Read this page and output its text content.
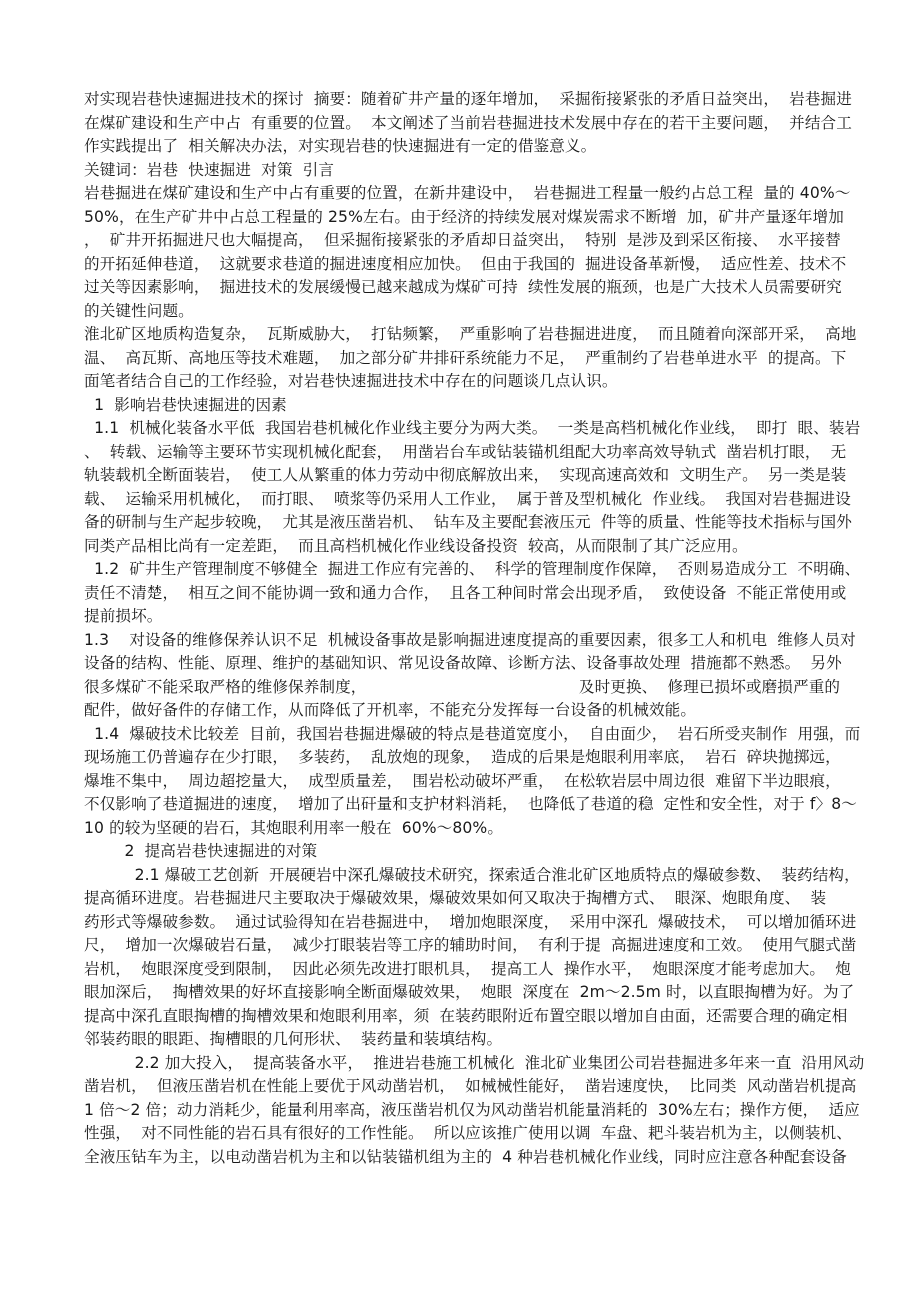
对实现岩巷快速掘进技术的探讨  摘要：随着矿井产量的逐年增加，  采掘衔接紧张的矛盾日益突出，  岩巷掘进
在煤矿建设和生产中占  有重要的位置。  本文阐述了当前岩巷掘进技术发展中存在的若干主要问题，  并结合工
作实践提出了  相关解决办法，对实现岩巷的快速掘进有一定的借鉴意义。
关键词：岩巷  快速掘进  对策  引言
岩巷掘进在煤矿建设和生产中占有重要的位置，在新井建设中，  岩巷掘进工程量一般约占总工程  量的 40%～
50%，在生产矿井中占总工程量的 25%左右。由于经济的持续发展对煤炭需求不断增  加，矿井产量逐年增加
，  矿井开拓掘进尺也大幅提高，  但采掘衔接紧张的矛盾却日益突出，  特别  是涉及到采区衔接、  水平接替
的开拓延伸巷道，  这就要求巷道的掘进速度相应加快。  但由于我国的  掘进设备革新慢，  适应性差、技术不
过关等因素影响，  掘进技术的发展缓慢已越来越成为煤矿可持  续性发展的瓶颈，也是广大技术人员需要研究
的关键性问题。
淮北矿区地质构造复杂，  瓦斯威胁大，  打钻频繁，  严重影响了岩巷掘进进度，  而且随着向深部开采，  高地
温、  高瓦斯、高地压等技术难题，  加之部分矿井排矸系统能力不足，  严重制约了岩巷单进水平  的提高。下
面笔者结合自己的工作经验，对岩巷快速掘进技术中存在的问题谈几点认识。
1  影响岩巷快速掘进的因素
1.1  机械化装备水平低  我国岩巷机械化作业线主要分为两大类。  一类是高档机械化作业线，  即打  眼、装岩
、  转载、运输等主要环节实现机械化配套，  用凿岩台车或钻装锚机组配大功率高效导轨式  凿岩机打眼，  无
轨装载机全断面装岩，  使工人从繁重的体力劳动中彻底解放出来，  实现高速高效和  文明生产。  另一类是装
载、  运输采用机械化，  而打眼、  喷浆等仍采用人工作业，  属于普及型机械化  作业线。  我国对岩巷掘进设
备的研制与生产起步较晚，  尤其是液压凿岩机、  钻车及主要配套液压元  件等的质量、性能等技术指标与国外
同类产品相比尚有一定差距，  而且高档机械化作业线设备投资  较高，从而限制了其广泛应用。
1.2  矿井生产管理制度不够健全  掘进工作应有完善的、  科学的管理制度作保障，  否则易造成分工  不明确、
责任不清楚，  相互之间不能协调一致和通力合作，  且各工种间时常会出现矛盾，  致使设备  不能正常使用或
提前损坏。
1.3    对设备的维修保养认识不足  机械设备事故是影响掘进速度提高的重要因素，很多工人和机电  维修人员对
设备的结构、性能、原理、维护的基础知识、常见设备故障、诊断方法、设备事故处理  措施都不熟悉。  另外
很多煤矿不能采取严格的维修保养制度，                                          及时更换、  修理已损坏或磨损严重的
配件，做好备件的存储工作，从而降低了开机率，不能充分发挥每一台设备的机械效能。
1.4  爆破技术比较差  目前，我国岩巷掘进爆破的特点是巷道宽度小，  自由面少，  岩石所受夹制作  用强，而
现场施工仍普遍存在少打眼，  多装药，  乱放炮的现象，  造成的后果是炮眼利用率底，  岩石  碎块抛掷远，
爆堆不集中，  周边超挖量大，  成型质量差，  围岩松动破坏严重，  在松软岩层中周边很  难留下半边眼痕，
不仅影响了巷道掘进的速度，  增加了出矸量和支护材料消耗，  也降低了巷道的稳  定性和安全性，对于 f〉8～
10 的较为坚硬的岩石，其炮眼利用率一般在  60%～80%。
2  提高岩巷快速掘进的对策
2.1 爆破工艺创新  开展硬岩中深孔爆破技术研究，探索适合淮北矿区地质特点的爆破参数、  装药结构，
提高循环进度。岩巷掘进尺主要取决于爆破效果，爆破效果如何又取决于掏槽方式、  眼深、炮眼角度、  装
药形式等爆破参数。  通过试验得知在岩巷掘进中，  增加炮眼深度，  采用中深孔  爆破技术，  可以增加循环进
尺，  增加一次爆破岩石量，  减少打眼装岩等工序的辅助时间，  有利于提  高掘进速度和工效。  使用气腿式凿
岩机，  炮眼深度受到限制，  因此必须先改进打眼机具，  提高工人  操作水平，  炮眼深度才能考虑加大。  炮
眼加深后，  掏槽效果的好坏直接影响全断面爆破效果，  炮眼  深度在  2m～2.5m 时，以直眼掏槽为好。为了
提高中深孔直眼掏槽的掏槽效果和炮眼利用率，须  在装药眼附近布置空眼以增加自由面，还需要合理的确定相
邻装药眼的眼距、掏槽眼的几何形状、  装药量和装填结构。
2.2 加大投入，  提高装备水平，  推进岩巷施工机械化  淮北矿业集团公司岩巷掘进多年来一直  沿用风动
凿岩机，  但液压凿岩机在性能上要优于风动凿岩机，  如械械性能好，  凿岩速度快，  比同类  风动凿岩机提高
1 倍～2 倍；动力消耗少，能量利用率高，液压凿岩机仅为风动凿岩机能量消耗的  30%左右；操作方便，  适应
性强，  对不同性能的岩石具有很好的工作性能。  所以应该推广使用以调  车盘、耙斗装岩机为主，以侧装机、
全液压钻车为主，以电动凿岩机为主和以钻装锚机组为主的  4 种岩巷机械化作业线，同时应注意各种配套设备
